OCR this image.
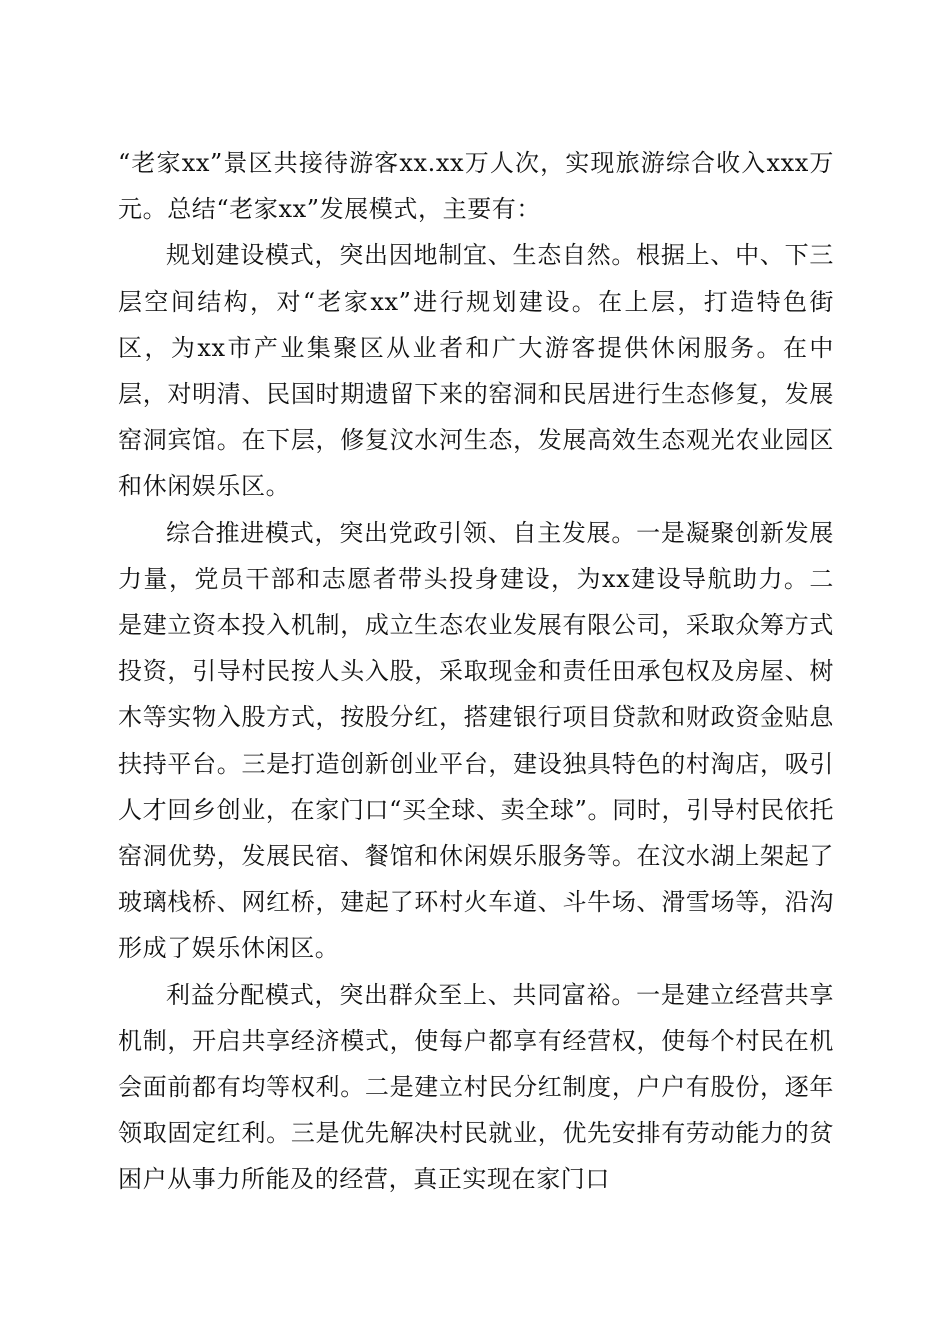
“老家xx”景区共接待游客xx.xx万人次，实现旅游综合收入xxx万元。总结“老家xx”发展模式，主要有：

规划建设模式，突出因地制宜、生态自然。根据上、中、下三层空间结构，对“老家xx”进行规划建设。在上层，打造特色街区，为xx市产业集聚区从业者和广大游客提供休闲服务。在中层，对明清、民国时期遗留下来的窑洞和民居进行生态修复，发展窑洞宾馆。在下层，修复汶水河生态，发展高效生态观光农业园区和休闲娱乐区。

综合推进模式，突出党政引领、自主发展。一是凝聚创新发展力量，党员干部和志愿者带头投身建设，为xx建设导航助力。二是建立资本投入机制，成立生态农业发展有限公司，采取众筹方式投资，引导村民按人头入股，采取现金和责任田承包权及房屋、树木等实物入股方式，按股分红，搭建银行项目贷款和财政资金贴息扶持平台。三是打造创新创业平台，建设独具特色的村淘店，吸引人才回乡创业，在家门口“买全球、卖全球”。同时，引导村民依托窑洞优势，发展民宿、餐馆和休闲娱乐服务等。在汶水湖上架起了玻璃栈桥、网红桥，建起了环村火车道、斗牛场、滑雪场等，沿沟形成了娱乐休闲区。

利益分配模式，突出群众至上、共同富裕。一是建立经营共享机制，开启共享经济模式，使每户都享有经营权，使每个村民在机会面前都有均等权利。二是建立村民分红制度，户户有股份，逐年领取固定红利。三是优先解决村民就业，优先安排有劳动能力的贫困户从事力所能及的经营，真正实现在家门口
